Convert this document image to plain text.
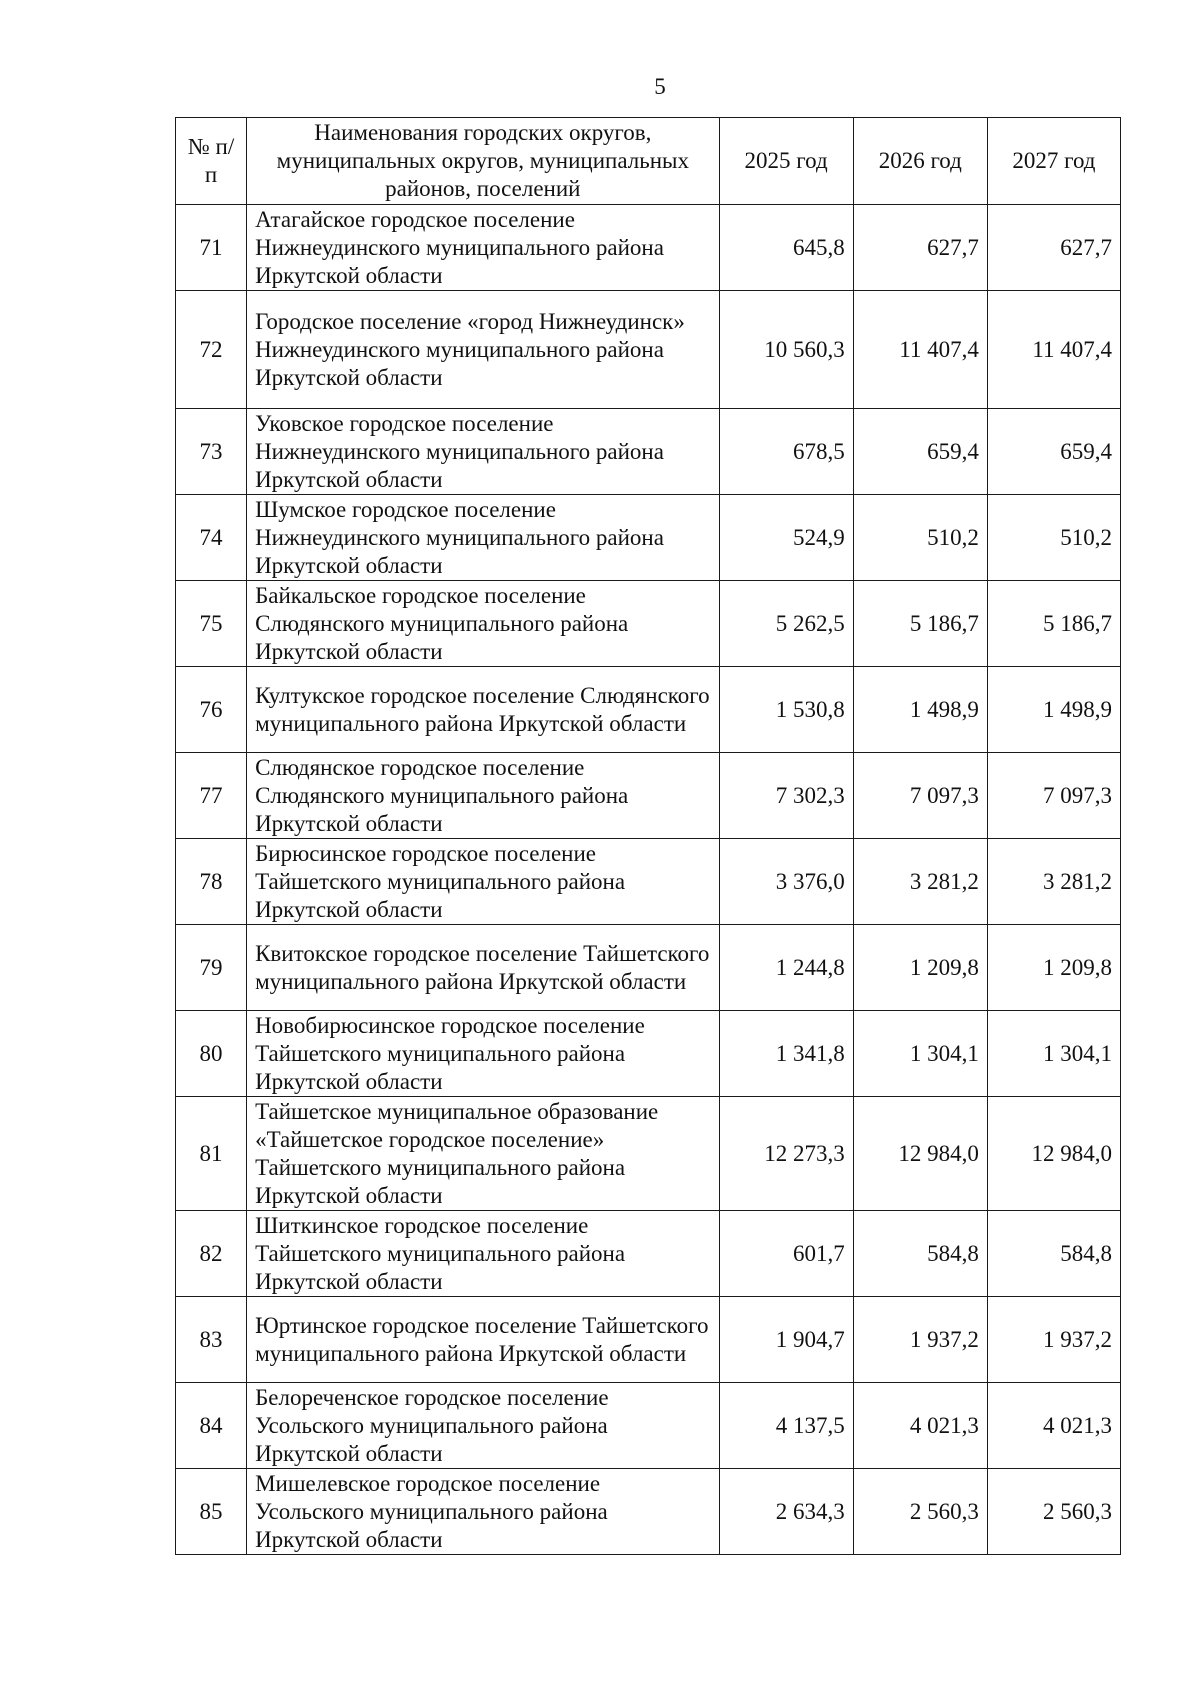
5
№ п/п	Наименования городских округов, муниципальных округов, муниципальных районов, поселений	2025 год	2026 год	2027 год
71	Атагайское городское поселение Нижнеудинского муниципального района Иркутской области	645,8	627,7	627,7
72	Городское поселение «город Нижнеудинск» Нижнеудинского муниципального района Иркутской области	10 560,3	11 407,4	11 407,4
73	Уковское городское поселение Нижнеудинского муниципального района Иркутской области	678,5	659,4	659,4
74	Шумское городское поселение Нижнеудинского муниципального района Иркутской области	524,9	510,2	510,2
75	Байкальское городское поселение Слюдянского муниципального района Иркутской области	5 262,5	5 186,7	5 186,7
76	Култукское городское поселение Слюдянского муниципального района Иркутской области	1 530,8	1 498,9	1 498,9
77	Слюдянское городское поселение Слюдянского муниципального района Иркутской области	7 302,3	7 097,3	7 097,3
78	Бирюсинское городское поселение Тайшетского муниципального района Иркутской области	3 376,0	3 281,2	3 281,2
79	Квитокское городское поселение Тайшетского муниципального района Иркутской области	1 244,8	1 209,8	1 209,8
80	Новобирюсинское городское поселение Тайшетского муниципального района Иркутской области	1 341,8	1 304,1	1 304,1
81	Тайшетское муниципальное образование «Тайшетское городское поселение» Тайшетского муниципального района Иркутской области	12 273,3	12 984,0	12 984,0
82	Шиткинское городское поселение Тайшетского муниципального района Иркутской области	601,7	584,8	584,8
83	Юртинское городское поселение Тайшетского муниципального района Иркутской области	1 904,7	1 937,2	1 937,2
84	Белореченское городское поселение Усольского муниципального района Иркутской области	4 137,5	4 021,3	4 021,3
85	Мишелевское городское поселение Усольского муниципального района Иркутской области	2 634,3	2 560,3	2 560,3
